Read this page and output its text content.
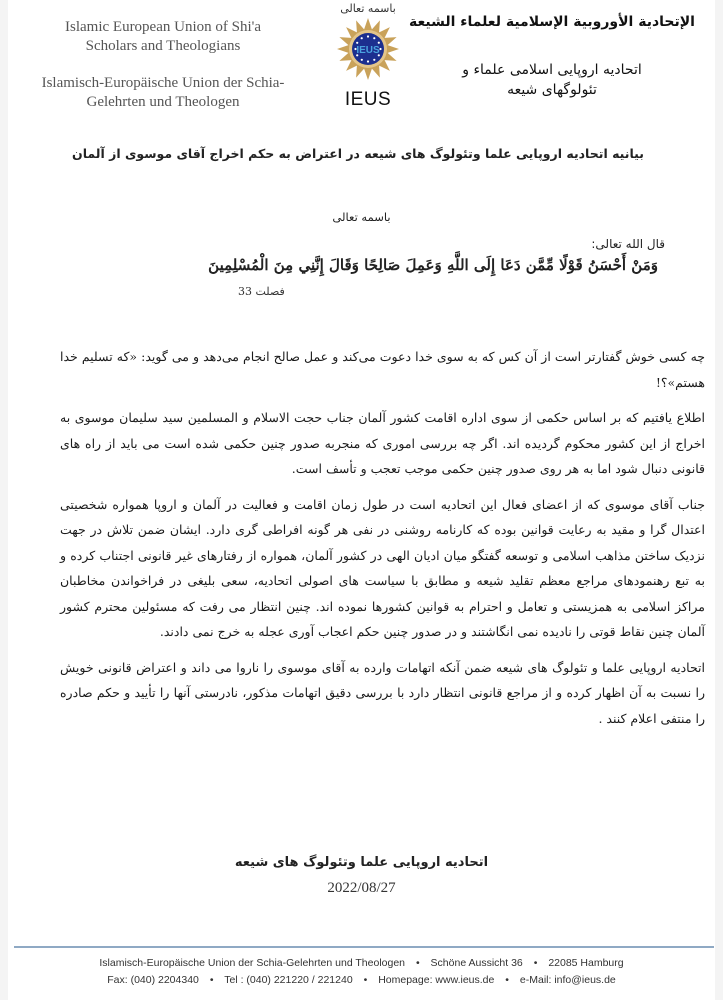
Islamic European Union of Shi'a Scholars and Theologians
Islamisch-Europäische Union der Schia-Gelehrten und Theologen
باسمه تعالی
IEUS
IEUS
الإتحادية الأوروبية الإسلامية لعلماء الشيعة
اتحادیه اروپایی اسلامی علماء و
تئولوگهای شیعه
بیانیه اتحادیه اروپایی علما وتئولوگ های شیعه در اعتراض به حکم اخراج آقای موسوی از آلمان
باسمه تعالی
قال الله تعالی:
وَمَنْ أَحْسَنُ قَوْلًا مِّمَّن دَعَا إِلَى اللَّهِ وَعَمِلَ صَالِحًا وَقَالَ إِنَّنِي مِنَ الْمُسْلِمِينَ
فصلت 33

چه کسی خوش گفتارتر است از آن کس که به سوی خدا دعوت می‌کند و عمل صالح انجام می‌دهد و می گوید: «که تسلیم خدا هستم»؟!

اطلاع یافتیم که بر اساس حکمی از سوی اداره اقامت کشور آلمان جناب حجت الاسلام و المسلمین سید سلیمان موسوی به اخراج از این کشور محکوم گردیده اند. اگر چه بررسی اموری که منجربه صدور چنین حکمی شده است می باید از راه های قانونی دنبال شود اما به هر روی صدور چنین حکمی موجب تعجب و تأسف است.

جناب آقای موسوی که از اعضای فعال این اتحادیه است در طول زمان اقامت و فعالیت در آلمان و اروپا همواره شخصیتی اعتدال گرا و مقید به رعایت قوانین بوده که کارنامه روشنی در نفی هر گونه افراطی گری دارد. ایشان ضمن تلاش در جهت نزدیک ساختن مذاهب اسلامی و توسعه گفتگو میان ادیان الهی در کشور آلمان، همواره از رفتارهای غیر قانونی اجتناب کرده و به تبع رهنمودهای مراجع معظم تقلید شیعه و مطابق با سیاست های اصولی اتحادیه، سعی بلیغی در فراخواندن مخاطبان مراکز اسلامی به همزیستی و تعامل و احترام به قوانین کشورها نموده اند. چنین انتظار می رفت که مسئولین محترم کشور آلمان چنین نقاط قوتی را نادیده نمی انگاشتند و در صدور چنین حکم اعجاب آوری عجله به خرج نمی دادند.

اتحادیه اروپایی علما و تئولوگ های شیعه ضمن آنکه اتهامات وارده به آقای موسوی را ناروا می داند و اعتراض قانونی خویش را نسبت به آن اظهار کرده و از مراجع قانونی انتظار دارد با بررسی دقیق اتهامات مذکور، نادرستی آنها را تأیید و حکم صادره را منتفی اعلام کنند .

اتحادیه اروپایی علما وتئولوگ های شیعه
2022/08/27
Islamisch-Europäische Union der Schia-Gelehrten und Theologen • Schöne Aussicht 36 • 22085 Hamburg
Fax: (040) 2204340 • Tel : (040) 221220 / 221240 • Homepage: www.ieus.de • e-Mail: info@ieus.de
